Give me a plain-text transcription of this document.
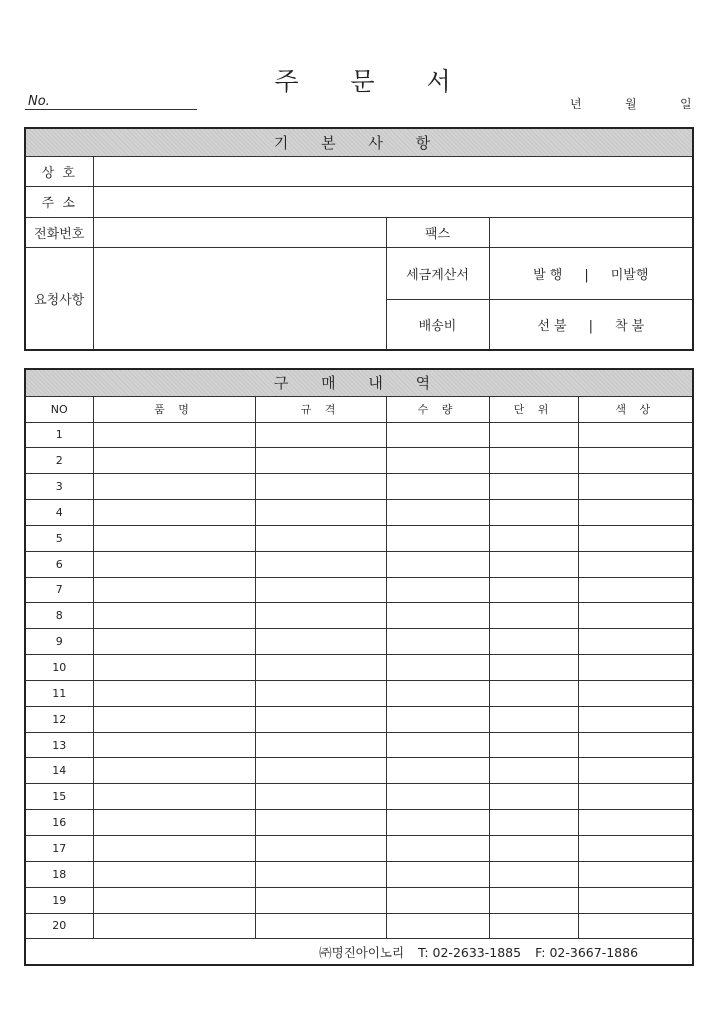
주 문 서
No.	년	월	일
기 본 사 항			
상 호			
주 소			
전화번호		팩스	
요청사항		세금계산서	발 행 | 미발행
		배송비	선 불 | 착 불
구 매 내 역					
NO	품 명	규 격	수 량	단 위	색 상
1					
2					
3					
4					
5					
6					
7					
8					
9					
10					
11					
12					
13					
14					
15					
16					
17					
18					
19					
20					

㈜명진아이노리 T: 02-2633-1885 F: 02-3667-1886					
